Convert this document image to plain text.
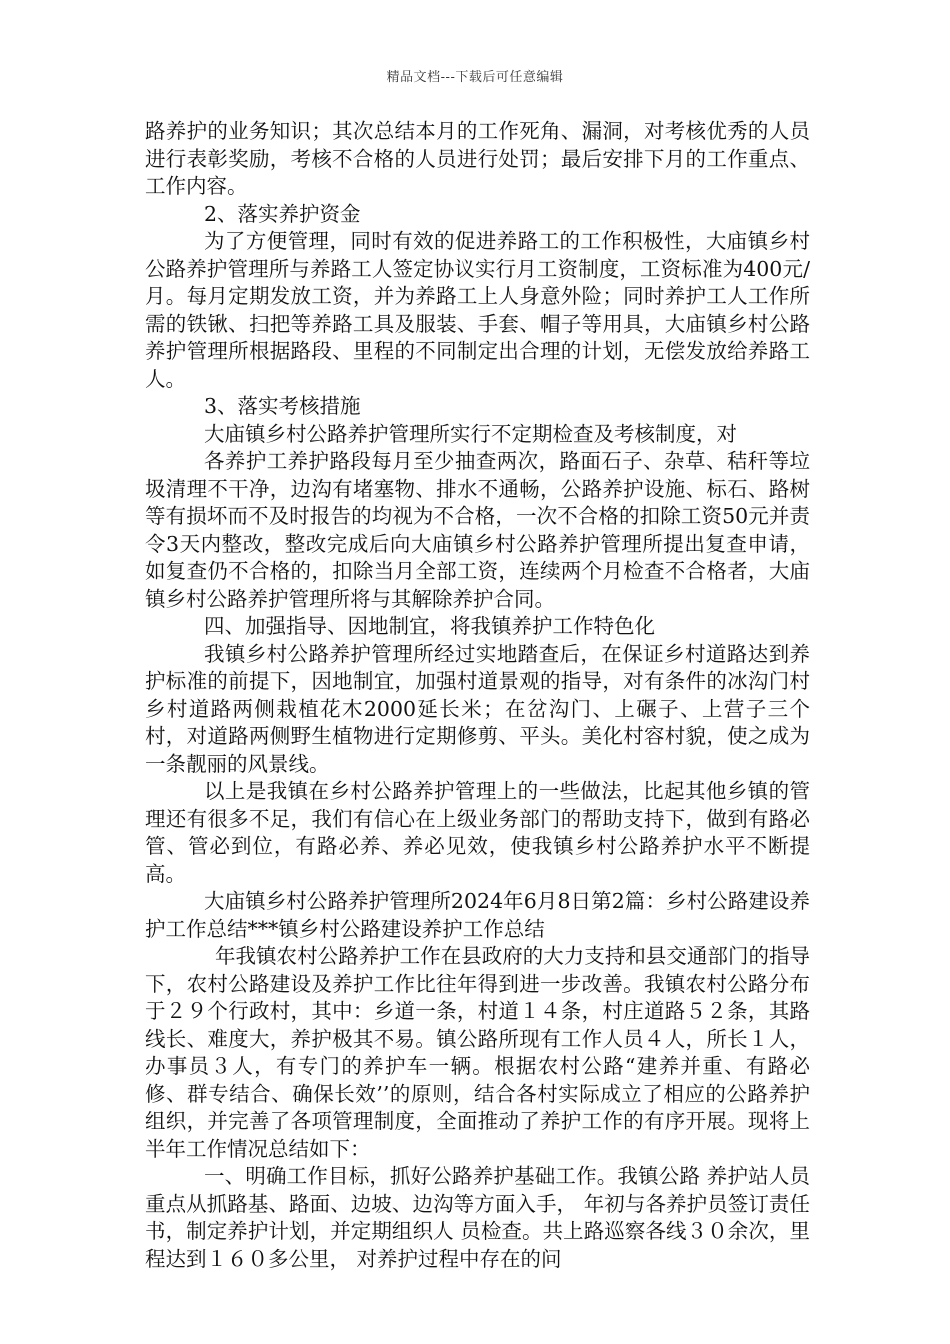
精品文档---下载后可任意编辑

路养护的业务知识；其次总结本月的工作死角、漏洞，对考核优秀的人员进行表彰奖励，考核不合格的人员进行处罚；最后安排下月的工作重点、工作内容。

2、落实养护资金

为了方便管理，同时有效的促进养路工的工作积极性，大庙镇乡村公路养护管理所与养路工人签定协议实行月工资制度，工资标准为400元/月。每月定期发放工资，并为养路工上人身意外险；同时养护工人工作所需的铁锹、扫把等养路工具及服装、手套、帽子等用具，大庙镇乡村公路养护管理所根据路段、里程的不同制定出合理的计划，无偿发放给养路工人。

3、落实考核措施

大庙镇乡村公路养护管理所实行不定期检查及考核制度，对

各养护工养护路段每月至少抽查两次，路面石子、杂草、秸秆等垃圾清理不干净，边沟有堵塞物、排水不通畅，公路养护设施、标石、路树等有损坏而不及时报告的均视为不合格，一次不合格的扣除工资50元并责令3天内整改，整改完成后向大庙镇乡村公路养护管理所提出复查申请，如复查仍不合格的，扣除当月全部工资，连续两个月检查不合格者，大庙镇乡村公路养护管理所将与其解除养护合同。

四、加强指导、因地制宜，将我镇养护工作特色化

我镇乡村公路养护管理所经过实地踏查后，在保证乡村道路达到养护标准的前提下，因地制宜，加强村道景观的指导，对有条件的冰沟门村乡村道路两侧栽植花木2000延长米；在岔沟门、上碾子、上营子三个村，对道路两侧野生植物进行定期修剪、平头。美化村容村貌，使之成为一条靓丽的风景线。

以上是我镇在乡村公路养护管理上的一些做法，比起其他乡镇的管理还有很多不足，我们有信心在上级业务部门的帮助支持下，做到有路必管、管必到位，有路必养、养必见效，使我镇乡村公路养护水平不断提高。

大庙镇乡村公路养护管理所2024年6月8日第2篇：乡村公路建设养护工作总结***镇乡村公路建设养护工作总结

年我镇农村公路养护工作在县政府的大力支持和县交通部门的指导下，农村公路建设及养护工作比往年得到进一步改善。我镇农村公路分布于２９个行政村，其中：乡道一条，村道１４条，村庄道路５２条，其路线长、难度大，养护极其不易。镇公路所现有工作人员４人，所长１人，办事员３人，有专门的养护车一辆。根据农村公路“建养并重、有路必修、群专结合、确保长效’’的原则，结合各村实际成立了相应的公路养护组织，并完善了各项管理制度，全面推动了养护工作的有序开展。现将上半年工作情况总结如下：

一、明确工作目标，抓好公路养护基础工作。我镇公路 养护站人员重点从抓路基、路面、边坡、边沟等方面入手， 年初与各养护员签订责任书，制定养护计划，并定期组织人 员检查。共上路巡察各线３０余次，里程达到１６０多公里， 对养护过程中存在的问
